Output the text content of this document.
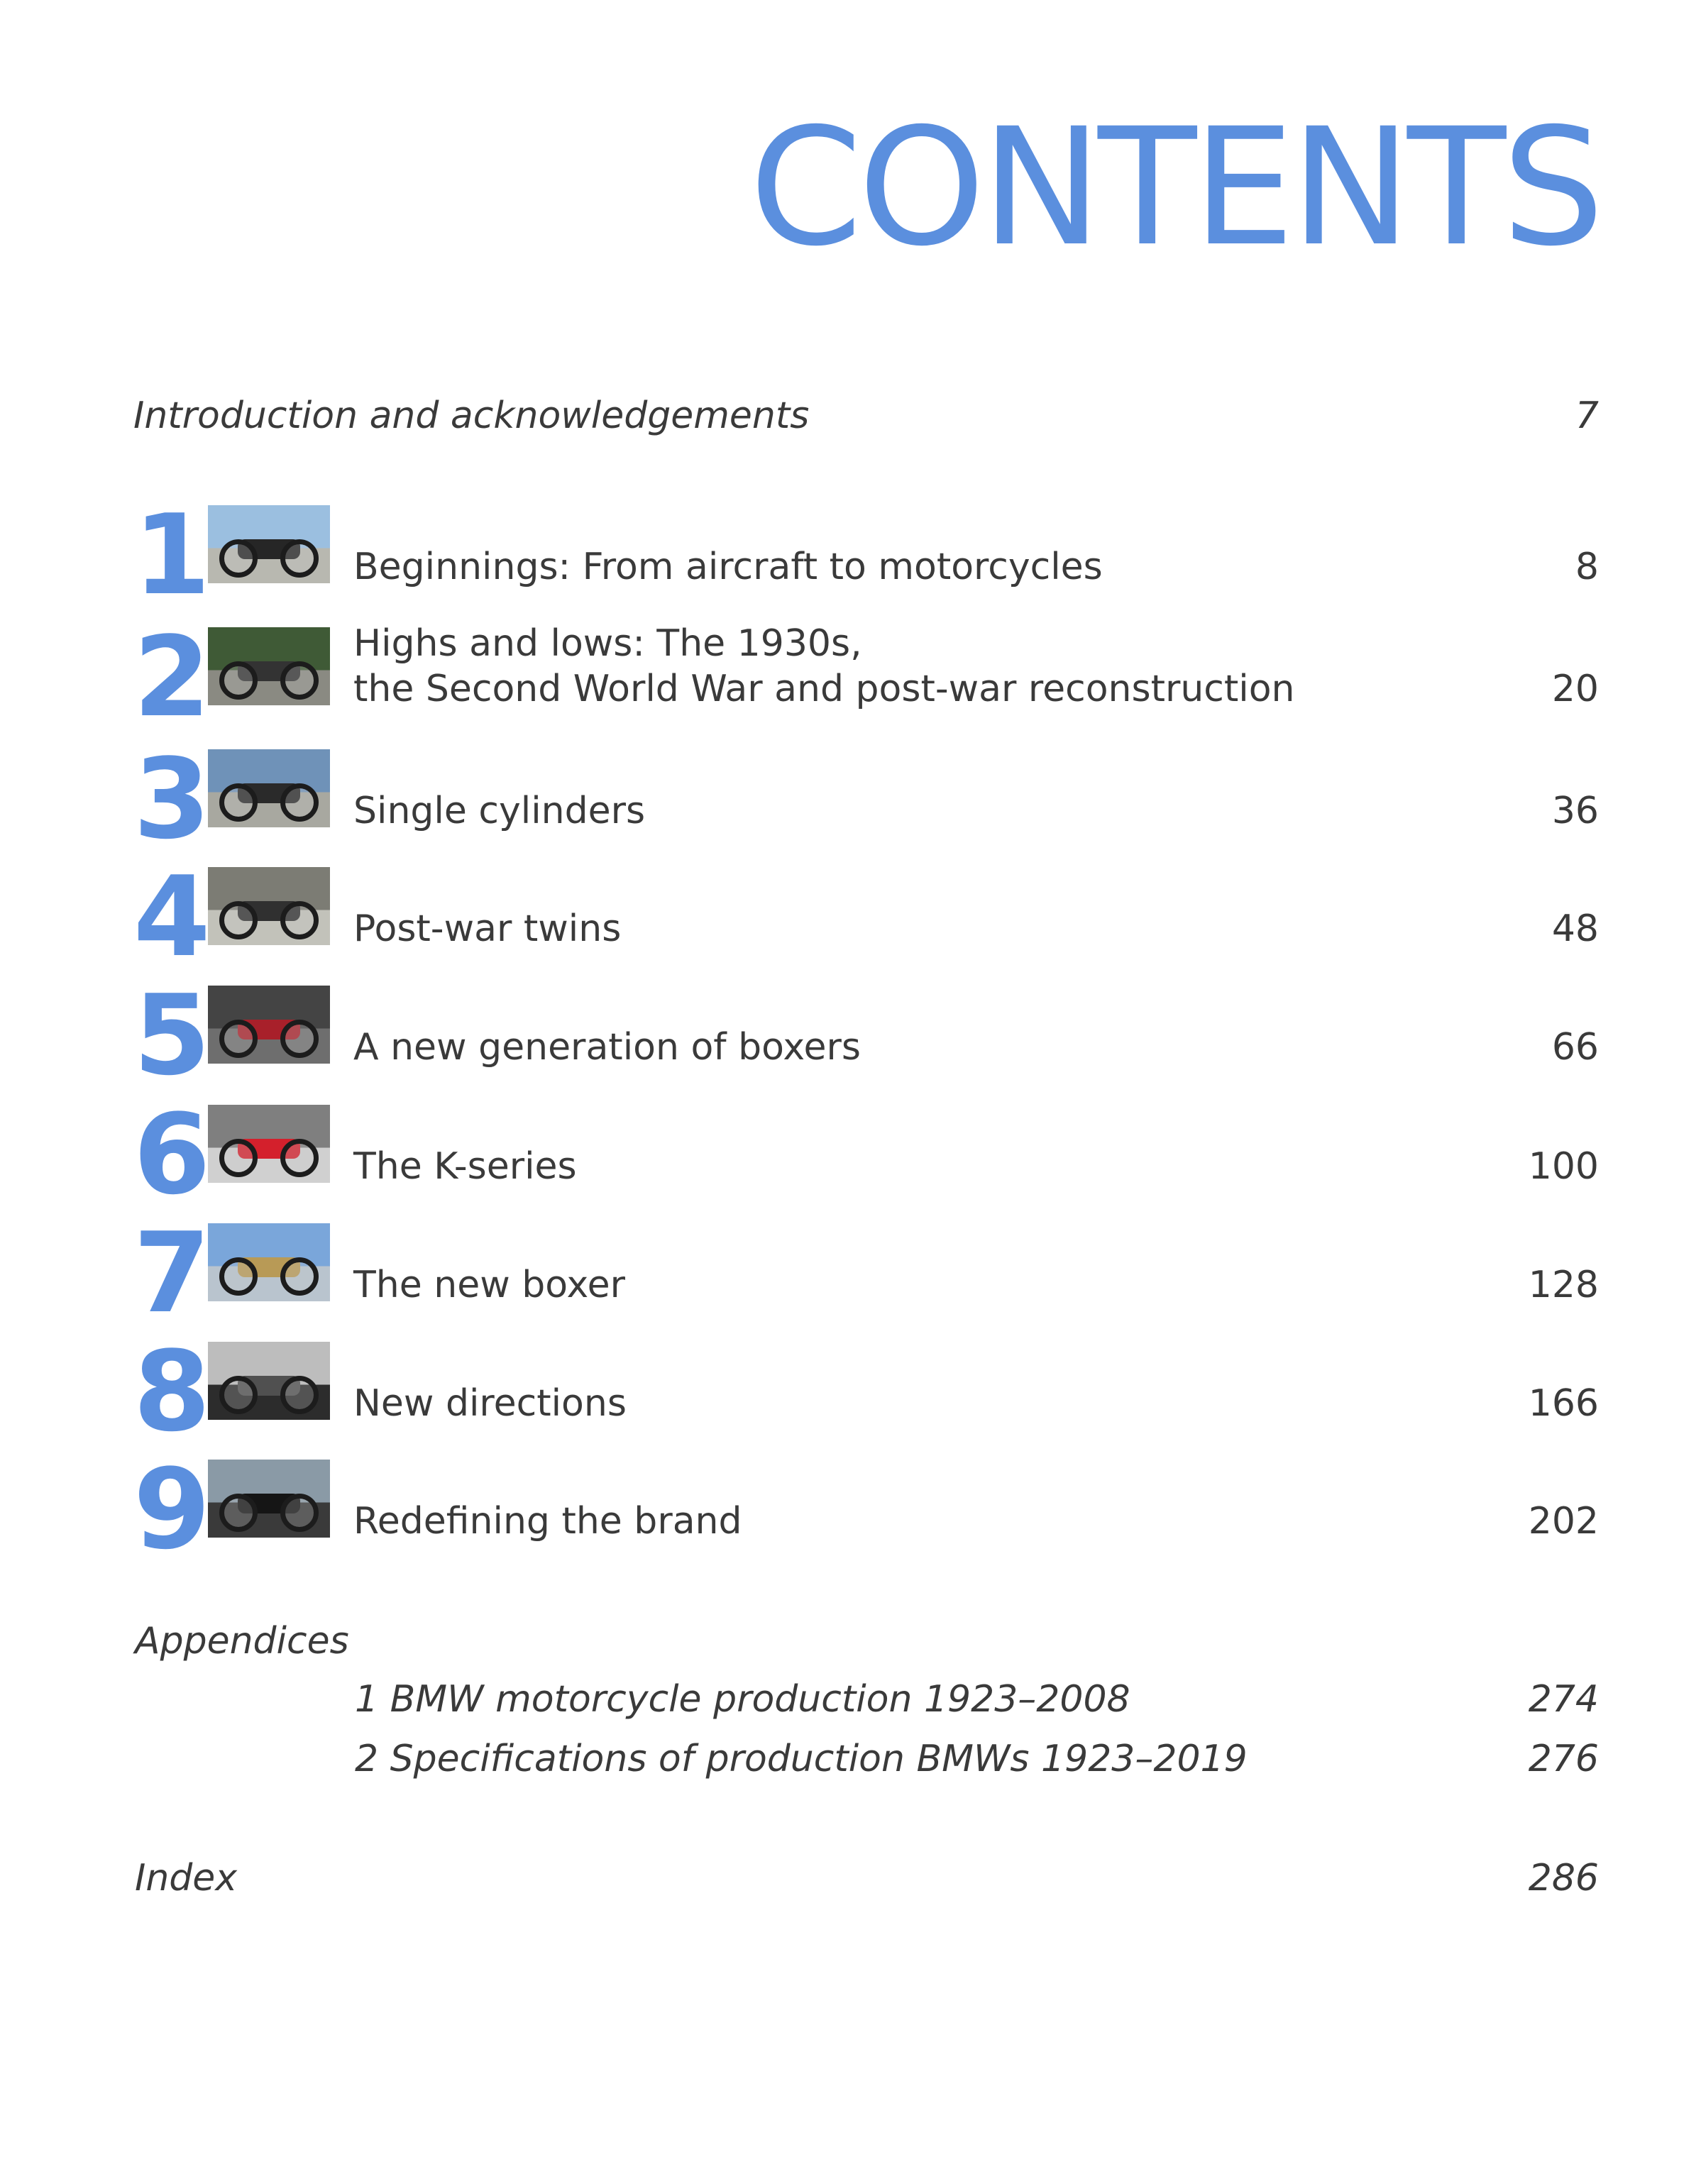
CONTENTS
Introduction and acknowledgements	7
1	Beginnings: From aircraft to motorcycles	8
2	Highs and lows: The 1930s,
the Second World War and post-war reconstruction	20
3	Single cylinders	36
4	Post-war twins	48
5	A new generation of boxers	66
6	The K-series	100
7	The new boxer	128
8	New directions	166
9	Redefining the brand	202
Appendices
1 BMW motorcycle production 1923–2008	274
2 Specifications of production BMWs 1923–2019	276
Index	286
